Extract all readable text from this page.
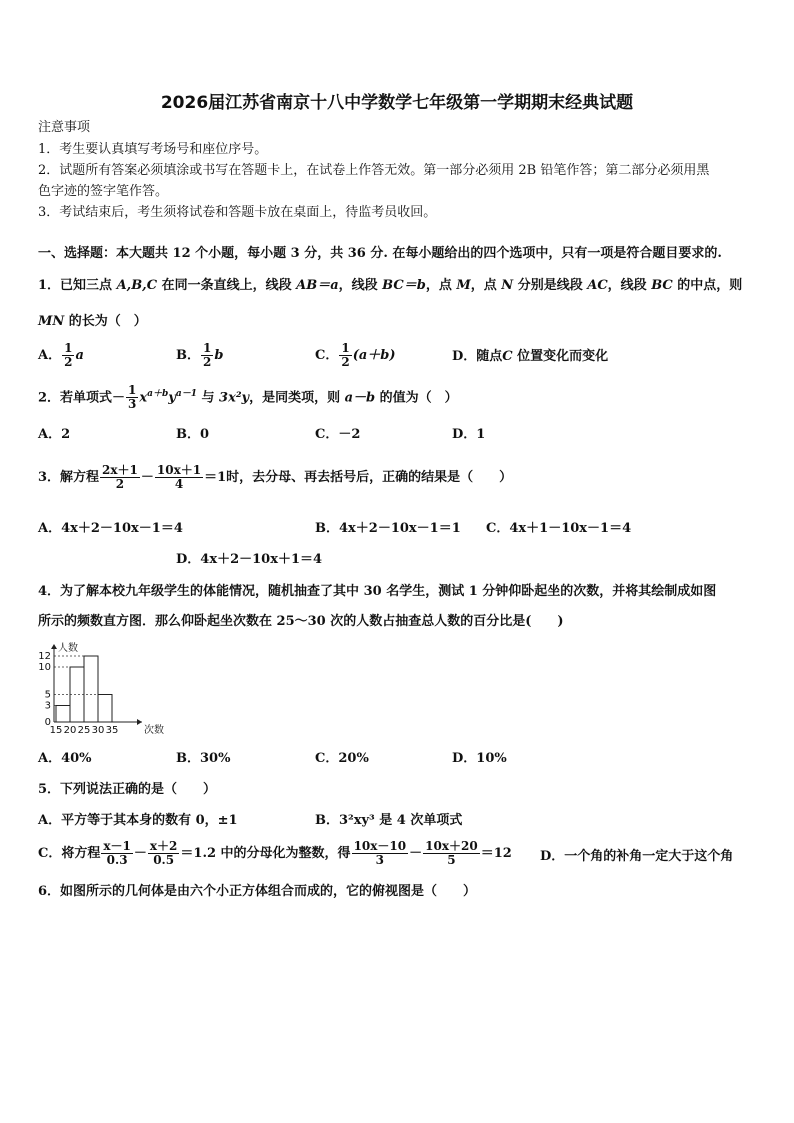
2026届江苏省南京十八中学数学七年级第一学期期末经典试题
注意事项
1．考生要认真填写考场号和座位序号。
2．试题所有答案必须填涂或书写在答题卡上，在试卷上作答无效。第一部分必须用 2B 铅笔作答；第二部分必须用黑
色字迹的签字笔作答。
3．考试结束后，考生须将试卷和答题卡放在桌面上，待监考员收回。
一、选择题：本大题共 12 个小题，每小题 3 分，共 36 分. 在每小题给出的四个选项中，只有一项是符合题目要求的.
1．已知三点 A,B,C 在同一条直线上，线段 AB＝a，线段 BC＝b，点 M，点 N 分别是线段 AC，线段 BC 的中点，则
MN 的长为（　）
A． $\frac{1}{2}$ a	B． $\frac{1}{2}$ b	C． $\frac{1}{2} (a+b)$	D．随点C 位置变化而变化
2．若单项式－ $\frac{1}{3} x^{a+b}y^{a-1}$ 与 3x²y，是同类项，则 a－b 的值为（　）
A．2	B．0	C．－2	D．1
3．解方程 $\frac{2x+1}{2} - \frac{10x+1}{4} =1$时，去分母、再去括号后，正确的结果是（　　）
A．4x＋2－10x－1＝4	B．4x＋2－10x－1＝1 C．4x＋1－10x－1＝4
D．4x＋2－10x＋1＝4
4．为了解本校九年级学生的体能情况，随机抽查了其中 30 名学生，测试 1 分钟仰卧起坐的次数，并将其绘制成如图
所示的频数直方图．那么仰卧起坐次数在 25～30 次的人数占抽查总人数的百分比是(　　)
0
3
5
10
12
15 20 25 30 35
人数
次数
A．40%	B．30%	C．20%	D．10%
5．下列说法正确的是（　　）
A．平方等于其本身的数有 0，±1	B．3²xy³ 是 4 次单项式
C．将方程 $\frac{x-1}{0.3} - \frac{x+2}{0.5} =1.2$ 中的分母化为整数，得 $\frac{10x-10}{3} - \frac{10x+20}{5} =12$ D．一个角的补角一定大于这个角
6．如图所示的几何体是由六个小正方体组合而成的，它的俯视图是（　　）
